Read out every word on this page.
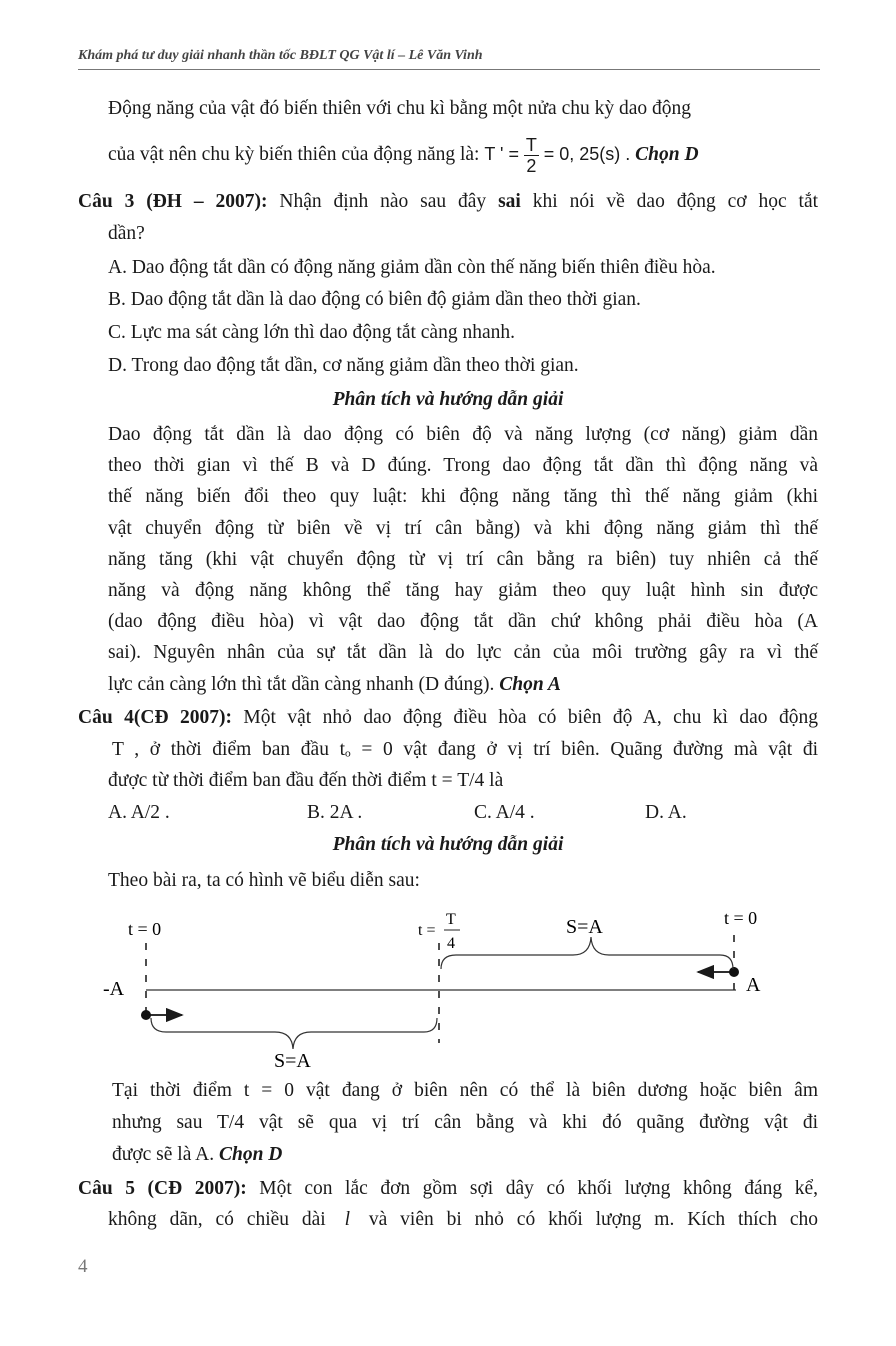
Khám phá tư duy giải nhanh thần tốc BĐLT QG Vật lí – Lê Văn Vinh
Động năng của vật đó biến thiên với chu kì bằng một nửa chu kỳ dao động
của vật nên chu kỳ biến thiên của động năng là: T ' = $\frac{T}{2} = 0$, 25(s) . Chọn D
Câu 3 (ĐH – 2007): Nhận định nào sau đây sai khi nói về dao động cơ học tắt
dần?
A. Dao động tắt dần có động năng giảm dần còn thế năng biến thiên điều hòa.
B. Dao động tắt dần là dao động có biên độ giảm dần theo thời gian.
C. Lực ma sát càng lớn thì dao động tắt càng nhanh.
D. Trong dao động tắt dần, cơ năng giảm dần theo thời gian.
Phân tích và hướng dẫn giải
Dao động tắt dần là dao động có biên độ và năng lượng (cơ năng) giảm dần
theo thời gian vì thế B và D đúng. Trong dao động tắt dần thì động năng và
thế năng biến đổi theo quy luật: khi động năng tăng thì thế năng giảm (khi
vật chuyển động từ biên về vị trí cân bằng) và khi động năng giảm thì thế
năng tăng (khi vật chuyển động từ vị trí cân bằng ra biên) tuy nhiên cả thế
năng và động năng không thể tăng hay giảm theo quy luật hình sin được
(dao động điều hòa) vì vật dao động tắt dần chứ không phải điều hòa (A
sai). Nguyên nhân của sự tắt dần là do lực cản của môi trường gây ra vì thế
lực cản càng lớn thì tắt dần càng nhanh (D đúng). Chọn A
Câu 4(CĐ 2007): Một vật nhỏ dao động điều hòa có biên độ A, chu kì dao động
T , ở thời điểm ban đầu tₒ = 0 vật đang ở vị trí biên. Quãng đường mà vật đi
được từ thời điểm ban đầu đến thời điểm t = T/4 là
A. A/2 .	B. 2A .	C. A/4 .	D. A.
Phân tích và hướng dẫn giải
Theo bài ra, ta có hình vẽ biểu diễn sau:
t = 0	t =
T
4
t = 0
S=A
S=A
-A	A
Tại thời điểm t = 0 vật đang ở biên nên có thể là biên dương hoặc biên âm
nhưng sau T/4 vật sẽ qua vị trí cân bằng và khi đó quãng đường vật đi
được sẽ là A. Chọn D
Câu 5 (CĐ 2007): Một con lắc đơn gồm sợi dây có khối lượng không đáng kể,
không dãn, có chiều dài l và viên bi nhỏ có khối lượng m. Kích thích cho
4
